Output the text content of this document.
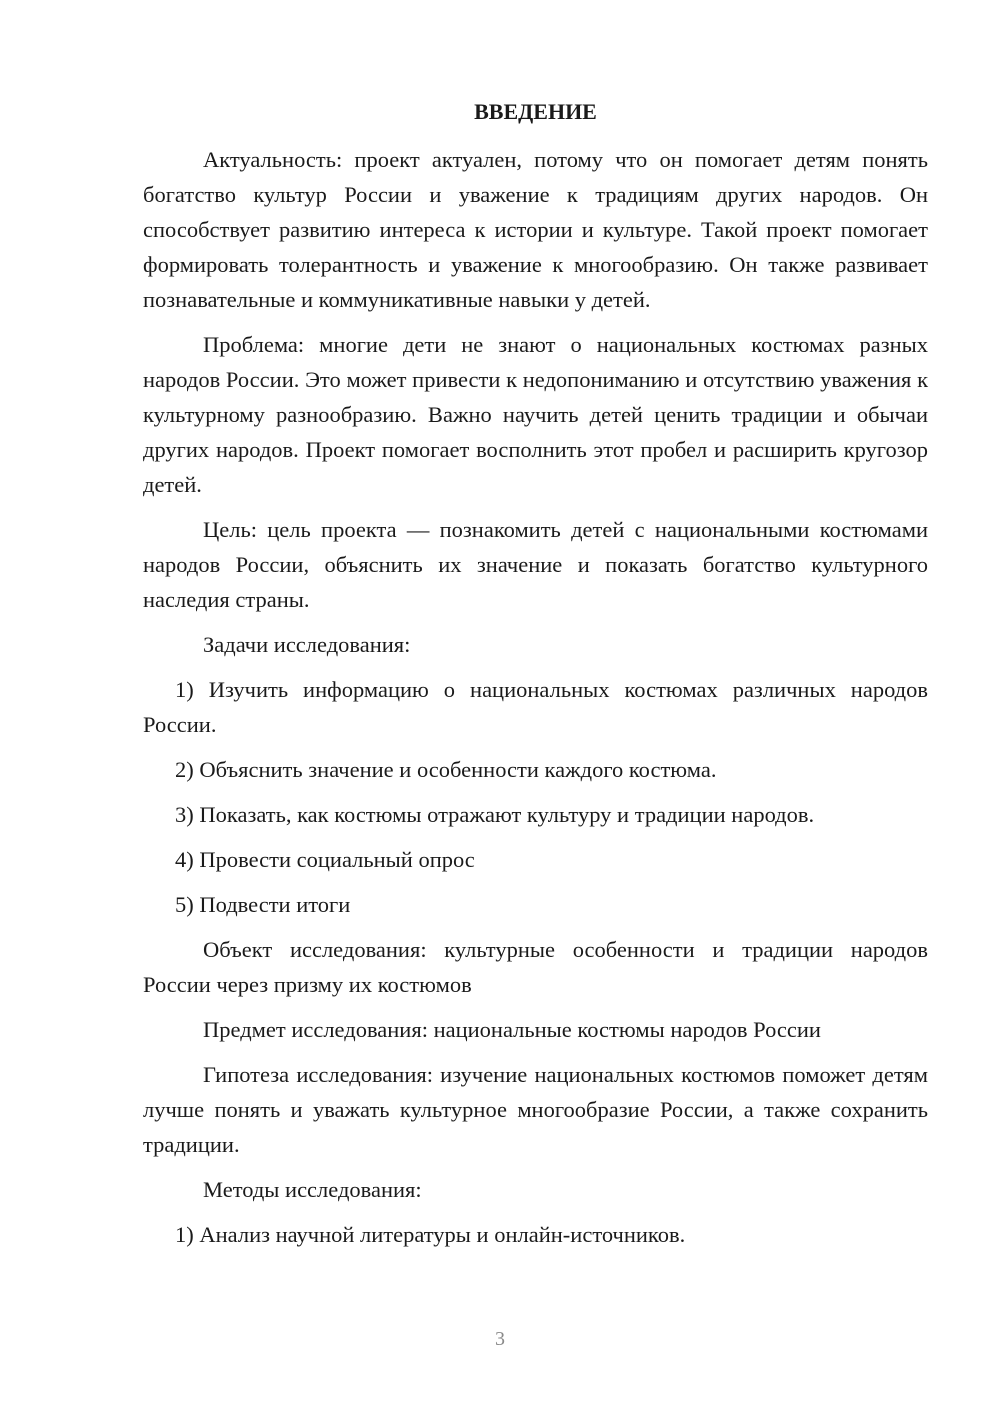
ВВЕДЕНИЕ

Актуальность: проект актуален, потому что он помогает детям понять богатство культур России и уважение к традициям других народов. Он способствует развитию интереса к истории и культуре. Такой проект помогает формировать толерантность и уважение к многообразию. Он также развивает познавательные и коммуникативные навыки у детей.

Проблема: многие дети не знают о национальных костюмах разных народов России. Это может привести к недопониманию и отсутствию уважения к культурному разнообразию. Важно научить детей ценить традиции и обычаи других народов. Проект помогает восполнить этот пробел и расширить кругозор детей.

Цель: цель проекта — познакомить детей с национальными костюмами народов России, объяснить их значение и показать богатство культурного наследия страны.

Задачи исследования:

1) Изучить информацию о национальных костюмах различных народов России.

2) Объяснить значение и особенности каждого костюма.

3) Показать, как костюмы отражают культуру и традиции народов.

4) Провести социальный опрос

5) Подвести итоги

Объект исследования: культурные особенности и традиции народов России через призму их костюмов

Предмет исследования: национальные костюмы народов России

Гипотеза исследования: изучение национальных костюмов поможет детям лучше понять и уважать культурное многообразие России, а также сохранить традиции.

Методы исследования:

1) Анализ научной литературы и онлайн-источников.

3
